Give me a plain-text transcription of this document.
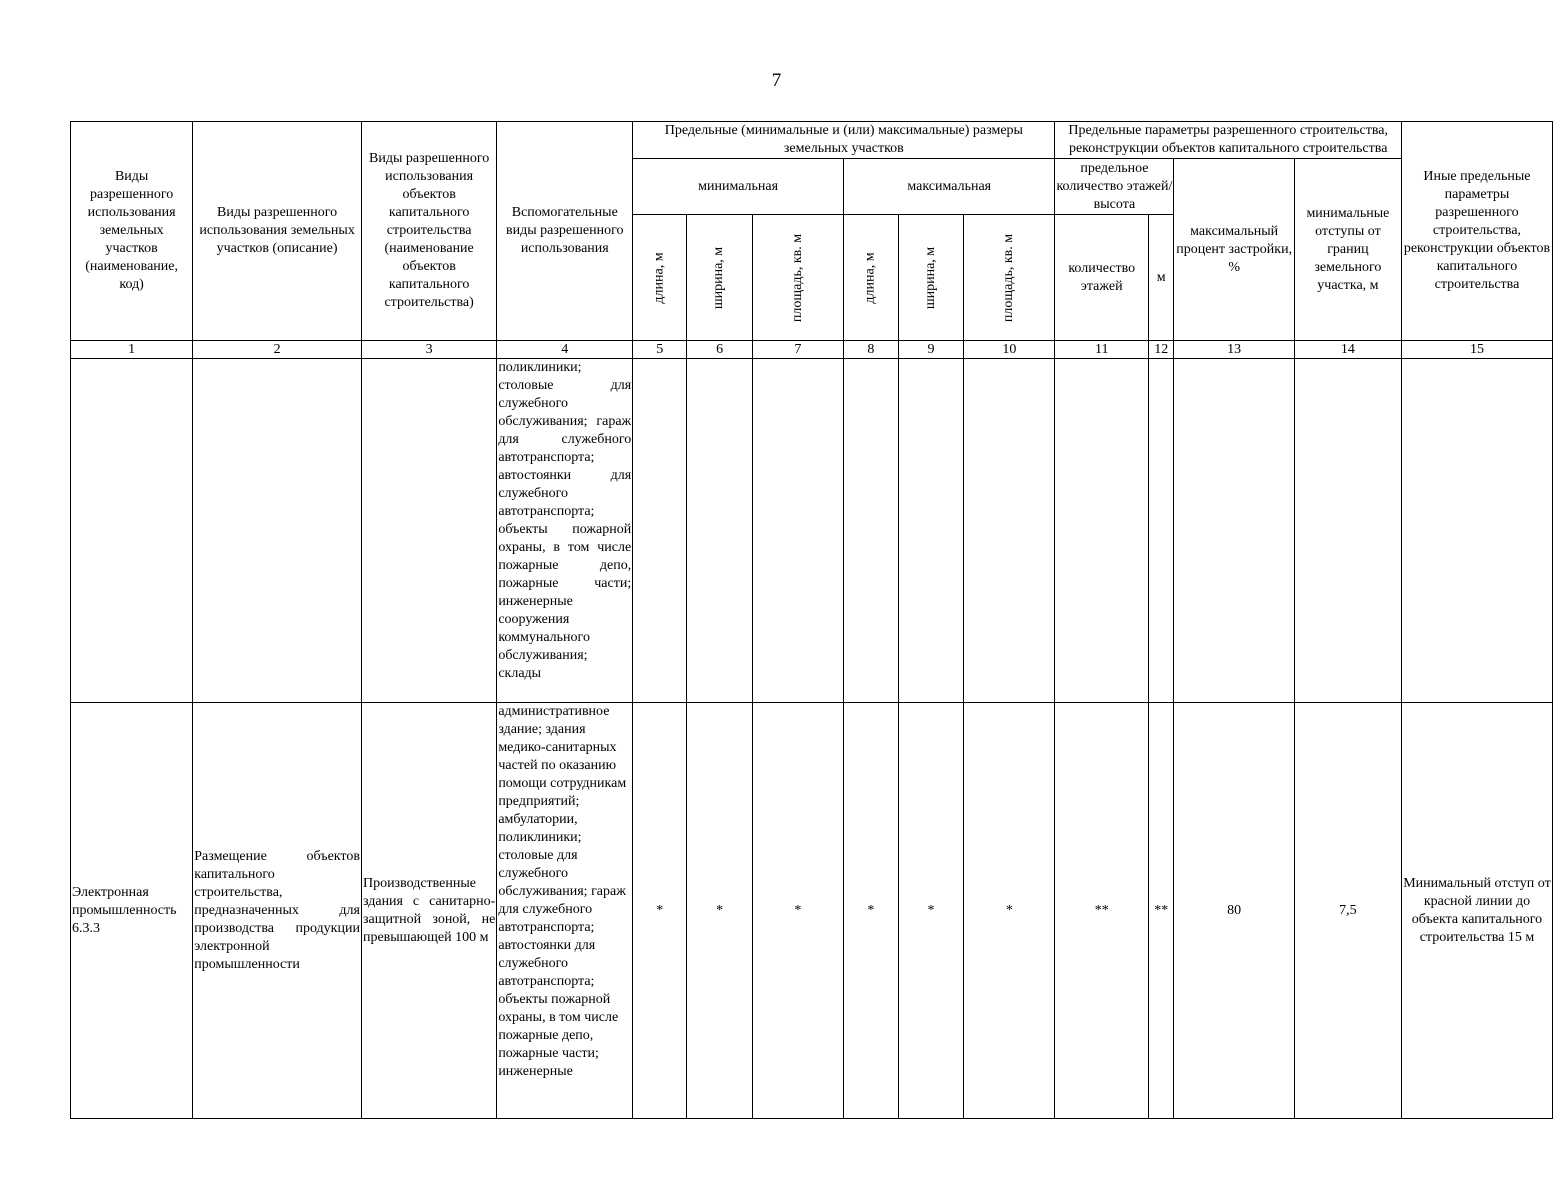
7
Виды разрешенного использования земельных участков (наименование, код)	Виды разрешенного использования земельных участков (описание)	Виды разрешенного использования объектов капитального строительства (наименование объектов капитального строительства)	Вспомогательные виды разрешенного использования	Предельные (минимальные и (или) максимальные) размеры земельных участков						Предельные параметры разрешенного строительства, реконструкции объектов капитального строительства				Иные предельные параметры разрешенного строительства, реконструкции объектов капитального строительства
				минимальная			максимальная			предельное количество этажей/высота		максимальный процент застройки, %	минимальные отступы от границ земельного участка, м	

				длина, м	ширина, м	площадь, кв. м	длина, м	ширина, м	площадь, кв. м	количество этажей	м			
1	2	3	4	5	6	7	8	9	10	11	12	13	14	15
			поликлиники; столовые для служебного обслуживания; гараж для служебного автотранспорта; автостоянки для служебного автотранспорта; объекты пожарной охраны, в том числе пожарные депо, пожарные части; инженерные сооружения коммунального обслуживания; склады											
Электронная промышленность 6.3.3	Размещение объектов капитального строительства, предназначенных для производства продукции электронной промышленности	Производственные здания с санитарно-защитной зоной, не превышающей 100 м	административное здание; здания медико-санитарных частей по оказанию помощи сотрудникам предприятий; амбулатории, поликлиники; столовые для служебного обслуживания; гараж для служебного автотранспорта; автостоянки для служебного автотранспорта; объекты пожарной охраны, в том числе пожарные депо, пожарные части; инженерные	*	*	*	*	*	*	**	**	80	7,5	Минимальный отступ от красной линии до объекта капитального строительства 15 м
